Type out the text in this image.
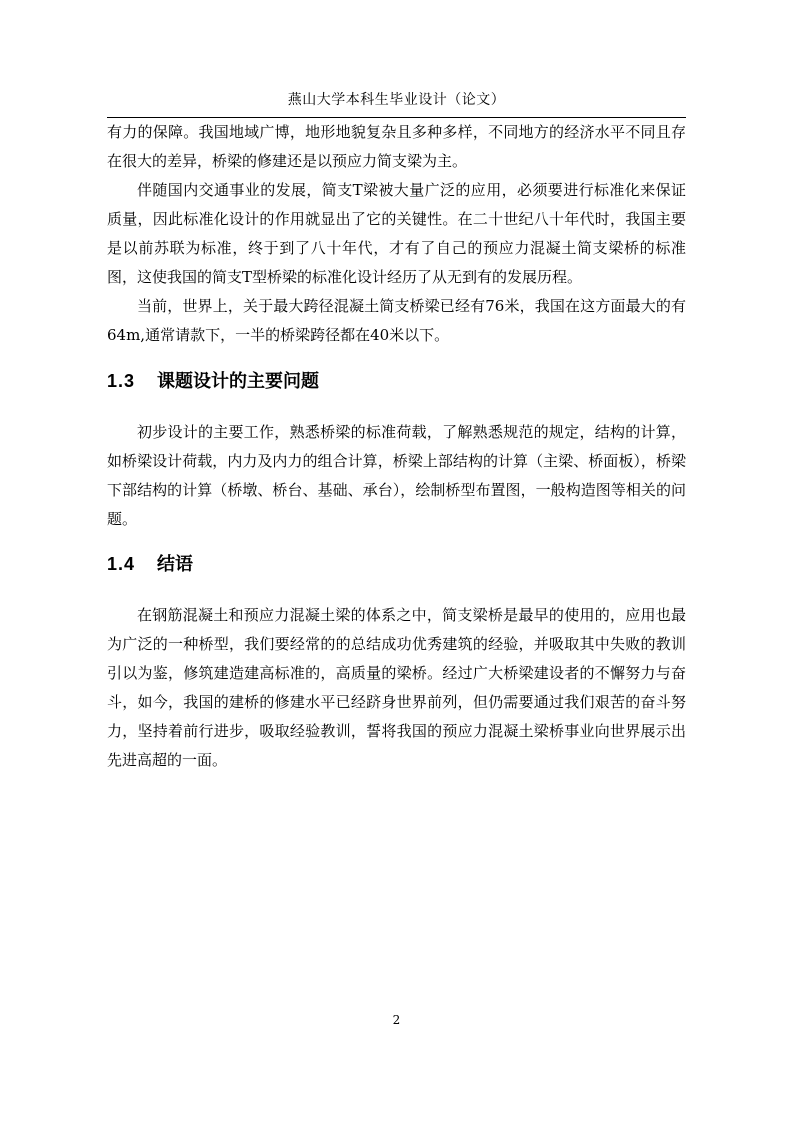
燕山大学本科生毕业设计（论文）

有力的保障。我国地域广博，地形地貌复杂且多种多样，不同地方的经济水平不同且存在很大的差异，桥梁的修建还是以预应力简支梁为主。

伴随国内交通事业的发展，简支T梁被大量广泛的应用，必须要进行标准化来保证质量，因此标准化设计的作用就显出了它的关键性。在二十世纪八十年代时，我国主要是以前苏联为标准，终于到了八十年代，才有了自己的预应力混凝土简支梁桥的标准图，这使我国的简支T型桥梁的标准化设计经历了从无到有的发展历程。

当前，世界上，关于最大跨径混凝土简支桥梁已经有76米，我国在这方面最大的有64m,通常请款下，一半的桥梁跨径都在40米以下。

1.3 课题设计的主要问题

初步设计的主要工作，熟悉桥梁的标准荷载，了解熟悉规范的规定，结构的计算，如桥梁设计荷载，内力及内力的组合计算，桥梁上部结构的计算（主梁、桥面板），桥梁下部结构的计算（桥墩、桥台、基础、承台），绘制桥型布置图，一般构造图等相关的问题。

1.4 结语

在钢筋混凝土和预应力混凝土梁的体系之中，简支梁桥是最早的使用的，应用也最为广泛的一种桥型，我们要经常的的总结成功优秀建筑的经验，并吸取其中失败的教训引以为鉴，修筑建造建高标准的，高质量的梁桥。经过广大桥梁建设者的不懈努力与奋斗，如今，我国的建桥的修建水平已经跻身世界前列，但仍需要通过我们艰苦的奋斗努力，坚持着前行进步，吸取经验教训，誓将我国的预应力混凝土梁桥事业向世界展示出先进高超的一面。

2
